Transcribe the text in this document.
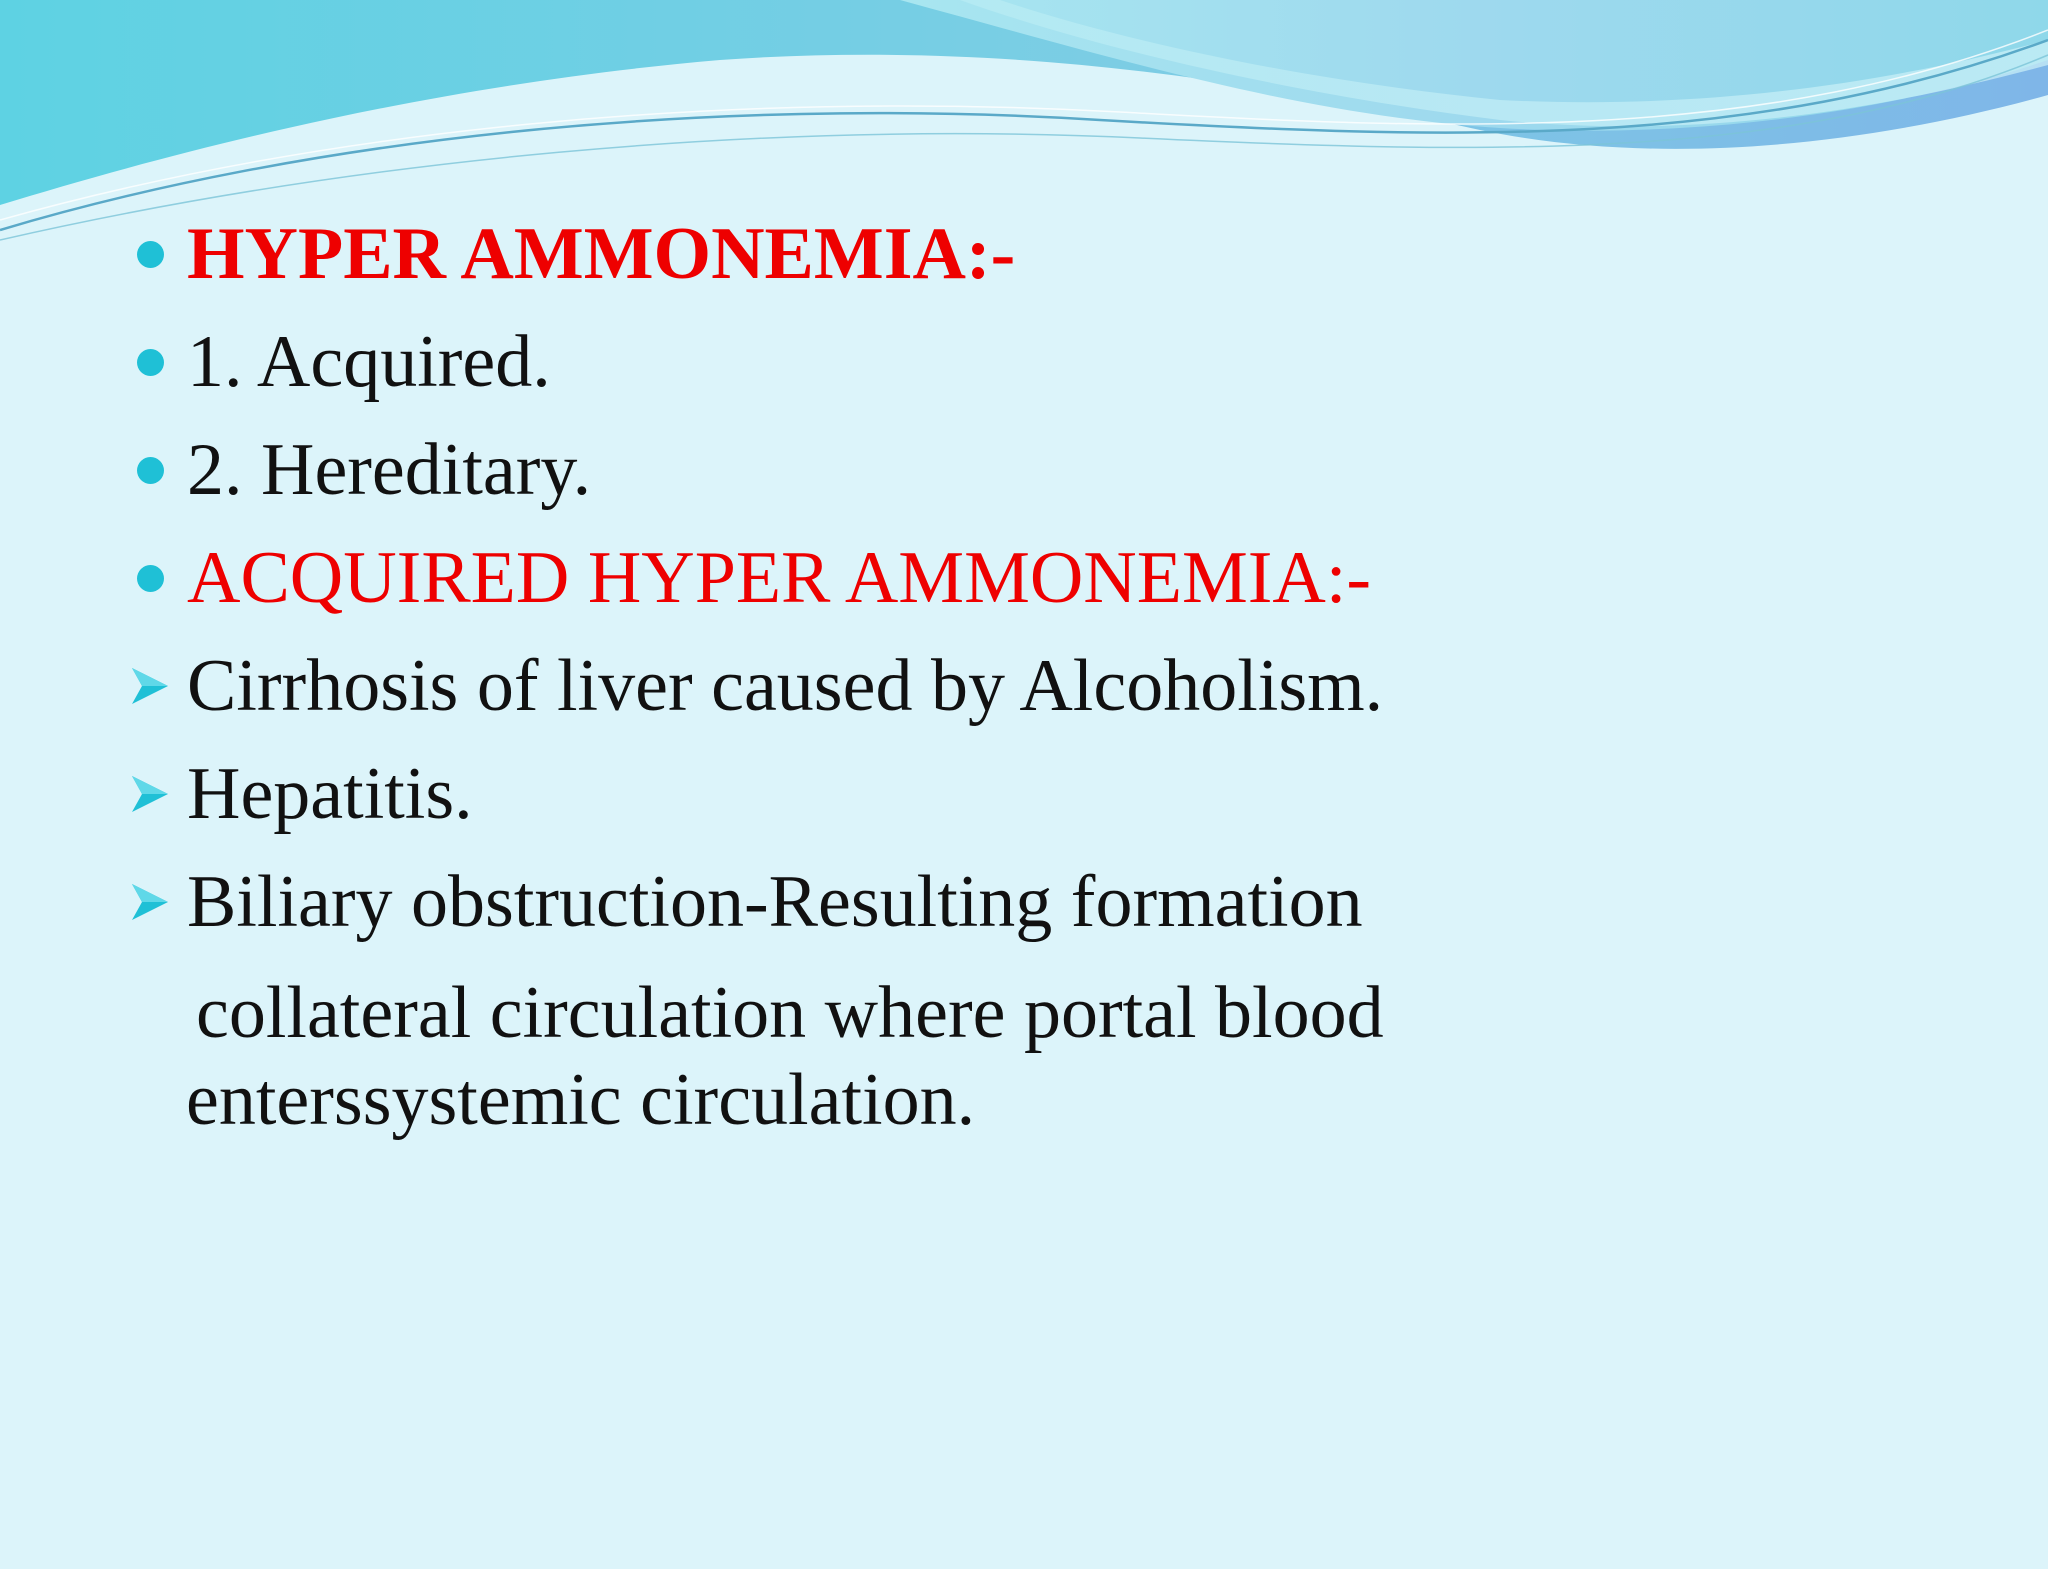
HYPER AMMONEMIA:-
1. Acquired.
2. Hereditary.
ACQUIRED HYPER AMMONEMIA:-
Cirrhosis of liver caused by Alcoholism.
Hepatitis.
Biliary obstruction-Resulting formation
collateral circulation where portal blood
enterssystemic circulation.
